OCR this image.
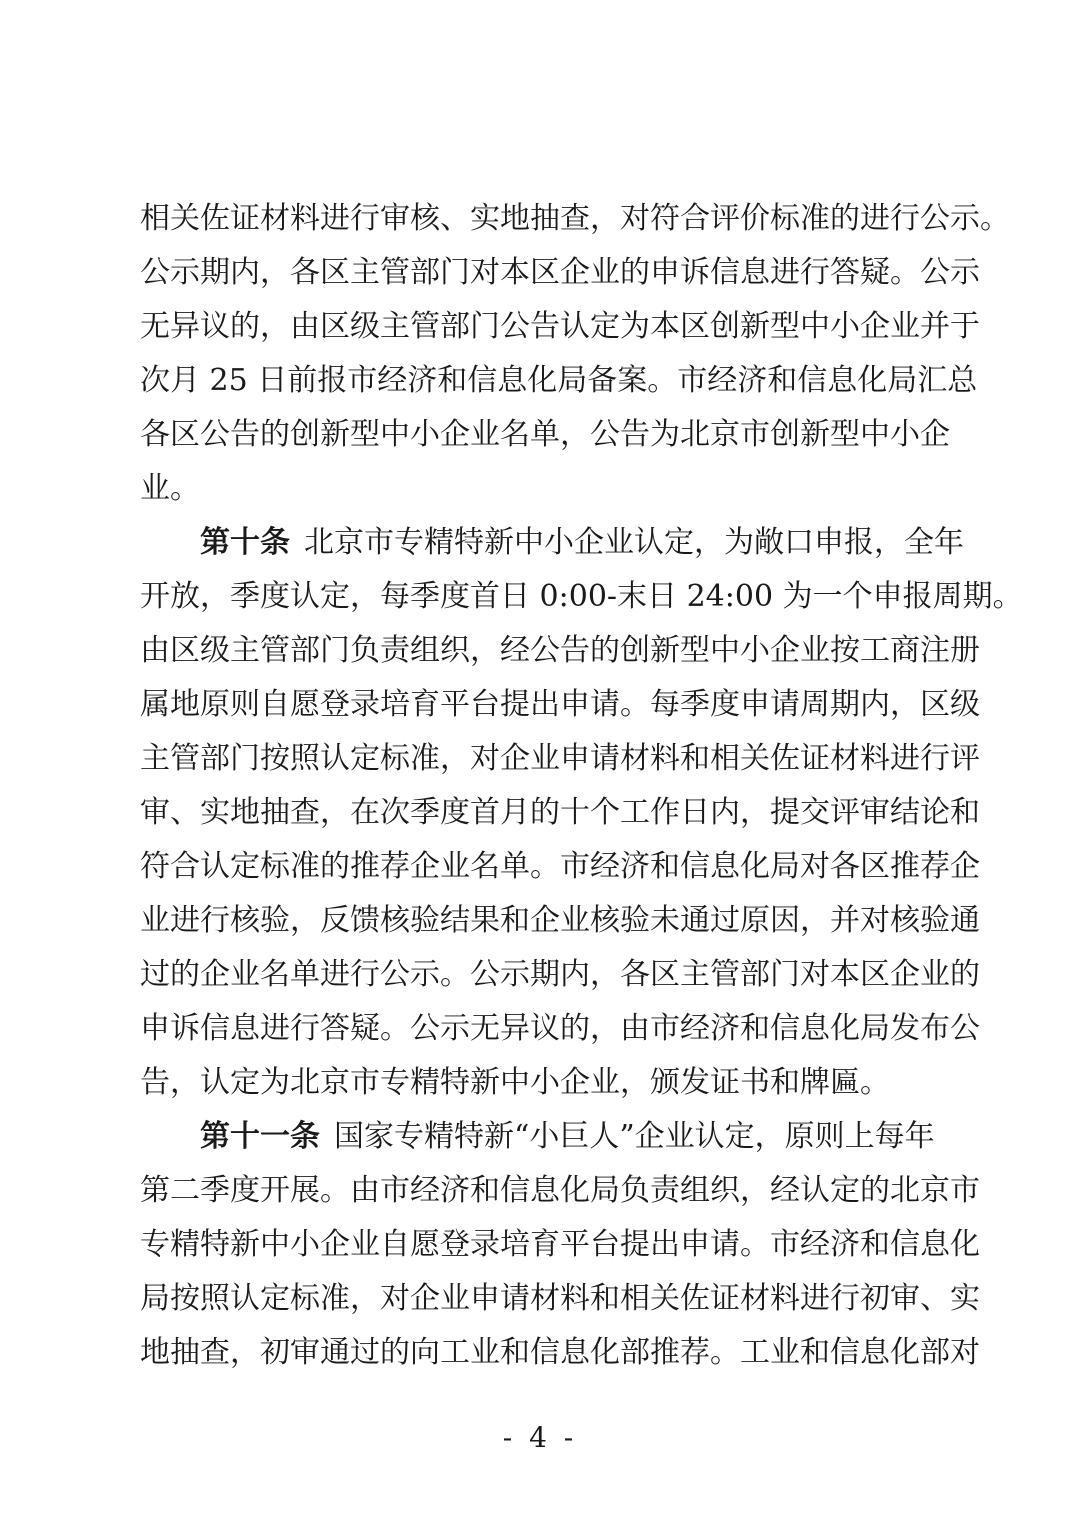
相关佐证材料进行审核、实地抽查，对符合评价标准的进行公示。
公示期内，各区主管部门对本区企业的申诉信息进行答疑。公示
无异议的，由区级主管部门公告认定为本区创新型中小企业并于
次月 25 日前报市经济和信息化局备案。市经济和信息化局汇总
各区公告的创新型中小企业名单，公告为北京市创新型中小企
业。
第十条 北京市专精特新中小企业认定，为敞口申报，全年
开放，季度认定，每季度首日 0:00-末日 24:00 为一个申报周期。
由区级主管部门负责组织，经公告的创新型中小企业按工商注册
属地原则自愿登录培育平台提出申请。每季度申请周期内，区级
主管部门按照认定标准，对企业申请材料和相关佐证材料进行评
审、实地抽查，在次季度首月的十个工作日内，提交评审结论和
符合认定标准的推荐企业名单。市经济和信息化局对各区推荐企
业进行核验，反馈核验结果和企业核验未通过原因，并对核验通
过的企业名单进行公示。公示期内，各区主管部门对本区企业的
申诉信息进行答疑。公示无异议的，由市经济和信息化局发布公
告，认定为北京市专精特新中小企业，颁发证书和牌匾。
第十一条 国家专精特新“小巨人”企业认定，原则上每年
第二季度开展。由市经济和信息化局负责组织，经认定的北京市
专精特新中小企业自愿登录培育平台提出申请。市经济和信息化
局按照认定标准，对企业申请材料和相关佐证材料进行初审、实
地抽查，初审通过的向工业和信息化部推荐。工业和信息化部对
- 4 -
